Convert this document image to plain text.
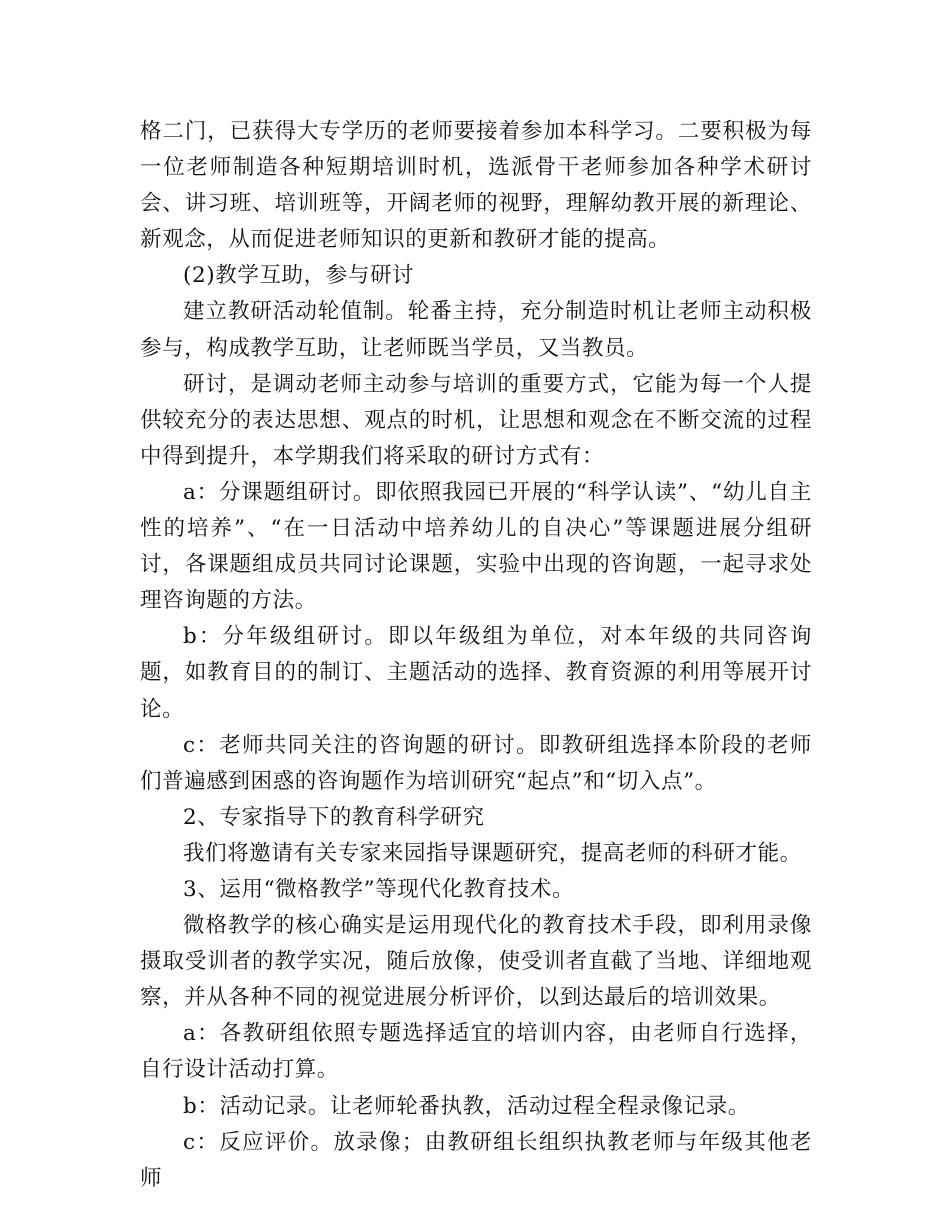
格二门，已获得大专学历的老师要接着参加本科学习。二要积极为每一位老师制造各种短期培训时机，选派骨干老师参加各种学术研讨会、讲习班、培训班等，开阔老师的视野，理解幼教开展的新理论、新观念，从而促进老师知识的更新和教研才能的提高。

(2)教学互助，参与研讨

建立教研活动轮值制。轮番主持，充分制造时机让老师主动积极参与，构成教学互助，让老师既当学员，又当教员。

研讨，是调动老师主动参与培训的重要方式，它能为每一个人提供较充分的表达思想、观点的时机，让思想和观念在不断交流的过程中得到提升，本学期我们将采取的研讨方式有：

a：分课题组研讨。即依照我园已开展的“科学认读”、“幼儿自主性的培养”、“在一日活动中培养幼儿的自决心”等课题进展分组研讨，各课题组成员共同讨论课题，实验中出现的咨询题，一起寻求处理咨询题的方法。

b：分年级组研讨。即以年级组为单位，对本年级的共同咨询题，如教育目的的制订、主题活动的选择、教育资源的利用等展开讨论。

c：老师共同关注的咨询题的研讨。即教研组选择本阶段的老师们普遍感到困惑的咨询题作为培训研究“起点”和“切入点”。

2、专家指导下的教育科学研究

我们将邀请有关专家来园指导课题研究，提高老师的科研才能。

3、运用“微格教学”等现代化教育技术。

微格教学的核心确实是运用现代化的教育技术手段，即利用录像摄取受训者的教学实况，随后放像，使受训者直截了当地、详细地观察，并从各种不同的视觉进展分析评价，以到达最后的培训效果。

a：各教研组依照专题选择适宜的培训内容，由老师自行选择，自行设计活动打算。

b：活动记录。让老师轮番执教，活动过程全程录像记录。

c：反应评价。放录像；由教研组长组织执教老师与年级其他老师
